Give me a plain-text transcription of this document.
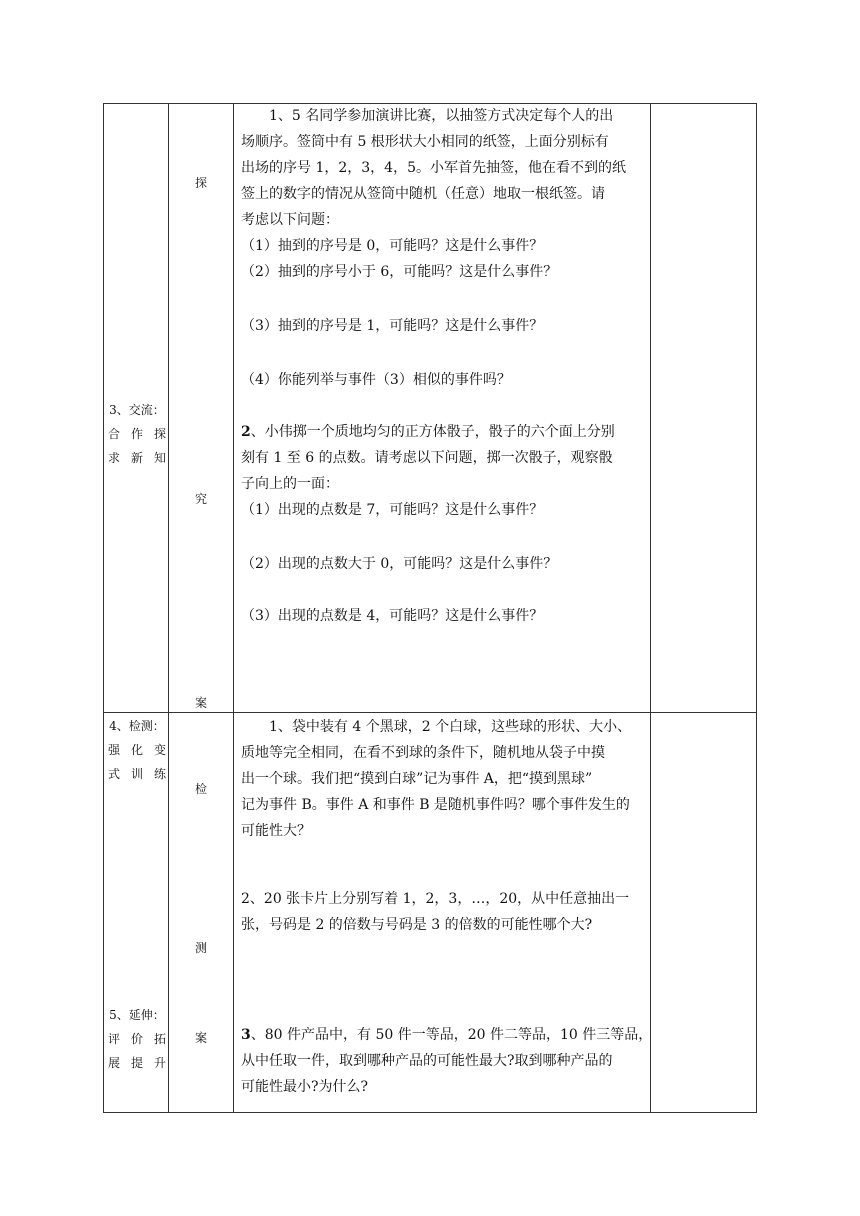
3、交流：
合作探
求新知
4、检测：
强 化 变
式训练
5、延伸：
评 价 拓
展提升
探
究
案
检
测
案
1、5 名同学参加演讲比赛，以抽签方式决定每个人的出
场顺序。签筒中有 5 根形状大小相同的纸签，上面分别标有
出场的序号 1，2，3，4，5。小军首先抽签，他在看不到的纸
签上的数字的情况从签筒中随机（任意）地取一根纸签。请
考虑以下问题：
（1）抽到的序号是 0，可能吗？这是什么事件？
（2）抽到的序号小于 6，可能吗？这是什么事件？
（3）抽到的序号是 1，可能吗？这是什么事件？
（4）你能列举与事件（3）相似的事件吗？
2、小伟掷一个质地均匀的正方体骰子，骰子的六个面上分别
刻有 1 至 6 的点数。请考虑以下问题，掷一次骰子，观察骰
子向上的一面：
（1）出现的点数是 7，可能吗？这是什么事件？
（2）出现的点数大于 0，可能吗？这是什么事件？
（3）出现的点数是 4，可能吗？这是什么事件？
1、袋中装有 4 个黑球，2 个白球，这些球的形状、大小、
质地等完全相同，在看不到球的条件下，随机地从袋子中摸
出一个球。我们把“摸到白球”记为事件 A，把“摸到黑球”
记为事件 B。事件 A 和事件 B 是随机事件吗？哪个事件发生的
可能性大？
2、20 张卡片上分别写着 1，2，3，…，20，从中任意抽出一
张，号码是 2 的倍数与号码是 3 的倍数的可能性哪个大?
3、80 件产品中，有 50 件一等品，20 件二等品，10 件三等品，
从中任取一件，取到哪种产品的可能性最大?取到哪种产品的
可能性最小?为什么?
